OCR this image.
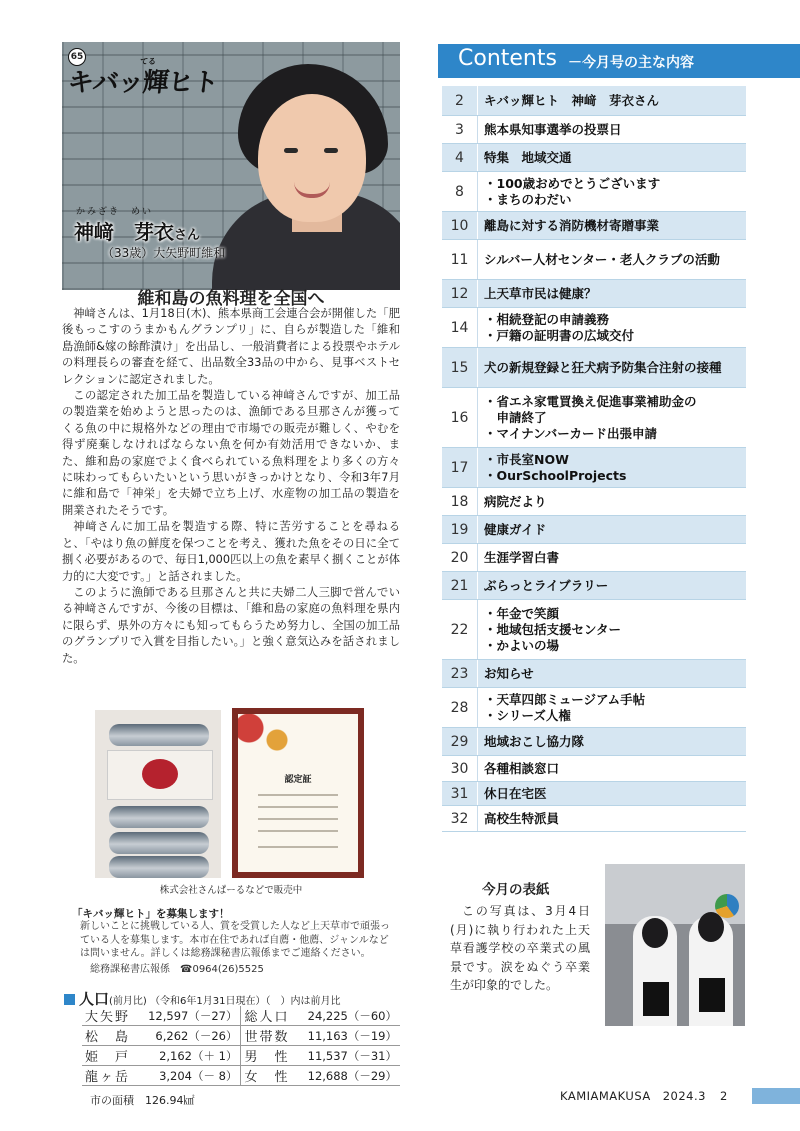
65
キバッ輝ヒト
てる
かみざき　めい
神﨑　芽衣さん
（33歳）大矢野町維和
維和島の魚料理を全国へ

神﨑さんは、1月18日(木)、熊本県商工会連合会が開催した「肥後もっこすのうまかもんグランプリ」に、自らが製造した「維和島漁師&嫁の餘酢漬け」を出品し、一般消費者による投票やホテルの料理長らの審査を経て、出品数全33品の中から、見事ベストセレクションに認定されました。

この認定された加工品を製造している神﨑さんですが、加工品の製造業を始めようと思ったのは、漁師である旦那さんが獲ってくる魚の中に規格外などの理由で市場での販売が難しく、やむを得ず廃棄しなければならない魚を何か有効活用できないか、また、維和島の家庭でよく食べられている魚料理をより多くの方々に味わってもらいたいという思いがきっかけとなり、令和3年7月に維和島で「神栄」を夫婦で立ち上げ、水産物の加工品の製造を開業されたそうです。

神﨑さんに加工品を製造する際、特に苦労することを尋ねると、「やはり魚の鮮度を保つことを考え、獲れた魚をその日に全て捌く必要があるので、毎日1,000匹以上の魚を素早く捌くことが体力的に大変です。」と話されました。

このように漁師である旦那さんと共に夫婦二人三脚で営んでいる神﨑さんですが、今後の目標は、「維和島の家庭の魚料理を県内に限らず、県外の方々にも知ってもらうため努力し、全国の加工品のグランプリで入賞を目指したい。」と強く意気込みを話されました。

認定証
株式会社さんぱーるなどで販売中
「キバッ輝ヒト」を募集します！
新しいことに挑戦している人、賞を受賞した人など上天草市で頑張っている人を募集します。本市在住であれば自薦・他薦、ジャンルなどは問いません。詳しくは総務課秘書広報係までご連絡ください。
総務課秘書広報係　☎0964(26)5525
人口(前月比) （令和6年1月31日現在）（　）内は前月比
大矢野	12,597（－27）	総人口	24,225（－60）
松　島	6,262（－26）	世帯数	11,163（－19）
姫　戸	2,162（＋ 1）	男　性	11,537（－31）
龍ヶ岳	3,204（－ 8）	女　性	12,688（－29）
市の面積　126.94㎢
Contents －今月号の主な内容
2	キバッ輝ヒト　神﨑　芽衣さん
3	熊本県知事選挙の投票日
4	特集　地域交通
8
・100歳おめでとうございます
・まちのわだい
10	離島に対する消防機材寄贈事業
11	シルバー人材センター・老人クラブの活動
12	上天草市民は健康？
14
・相続登記の申請義務
・戸籍の証明書の広域交付
15	犬の新規登録と狂犬病予防集合注射の接種
16
・省エネ家電買換え促進事業補助金の
　申請終了
・マイナンバーカード出張申請
17
・市長室NOW
・OurSchoolProjects
18	病院だより
19	健康ガイド
20	生涯学習白書
21	ぶらっとライブラリー
22
・年金で笑顔
・地域包括支援センター
・かよいの場
23	お知らせ
28
・天草四郎ミュージアム手帖
・シリーズ人権
29	地域おこし協力隊
30	各種相談窓口
31	休日在宅医
32	高校生特派員
今月の表紙
この写真は、3月4日(月)に執り行われた上天草看護学校の卒業式の風景です。涙をぬぐう卒業生が印象的でした。
KAMIAMAKUSA　2024.3 2
